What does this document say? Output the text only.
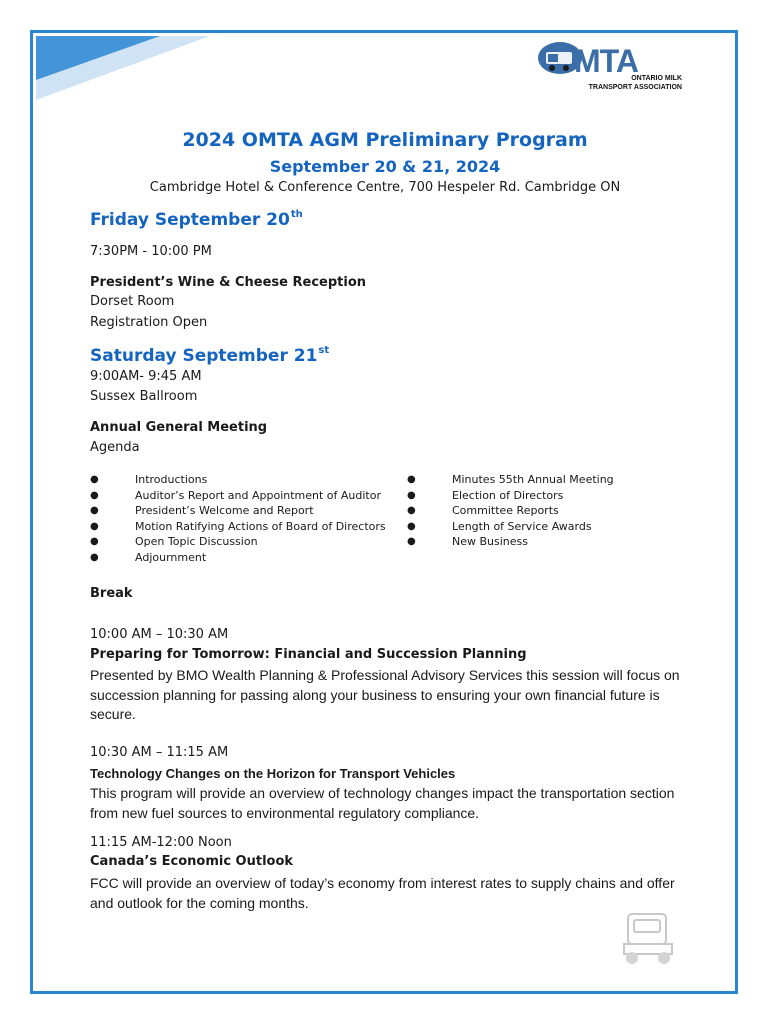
MTA
ONTARIO MILK
TRANSPORT ASSOCIATION
2024 OMTA AGM Preliminary Program
September 20 & 21, 2024
Cambridge Hotel & Conference Centre, 700 Hespeler Rd. Cambridge ON
Friday September 20th
7:30PM - 10:00 PM
President’s Wine & Cheese Reception
Dorset Room
Registration Open
Saturday September 21st
9:00AM- 9:45 AM
Sussex Ballroom
Annual General Meeting
Agenda
●	Introductions
●	Auditor’s Report and Appointment of Auditor
●	President’s Welcome and Report
●	Motion Ratifying Actions of Board of Directors
●	Open Topic Discussion
●	Adjournment
●	Minutes 55th Annual Meeting
●	Election of Directors
●	Committee Reports
●	Length of Service Awards
●	New Business
Break
10:00 AM – 10:30 AM
Preparing for Tomorrow: Financial and Succession Planning
Presented by BMO Wealth Planning & Professional Advisory Services this session will focus on succession planning for passing along your business to ensuring your own financial future is secure.
10:30 AM – 11:15 AM
Technology Changes on the Horizon for Transport Vehicles
This program will provide an overview of technology changes impact the transportation section from new fuel sources to environmental regulatory compliance.
11:15 AM-12:00 Noon
Canada’s Economic Outlook
FCC will provide an overview of today’s economy from interest rates to supply chains and offer and outlook for the coming months.
